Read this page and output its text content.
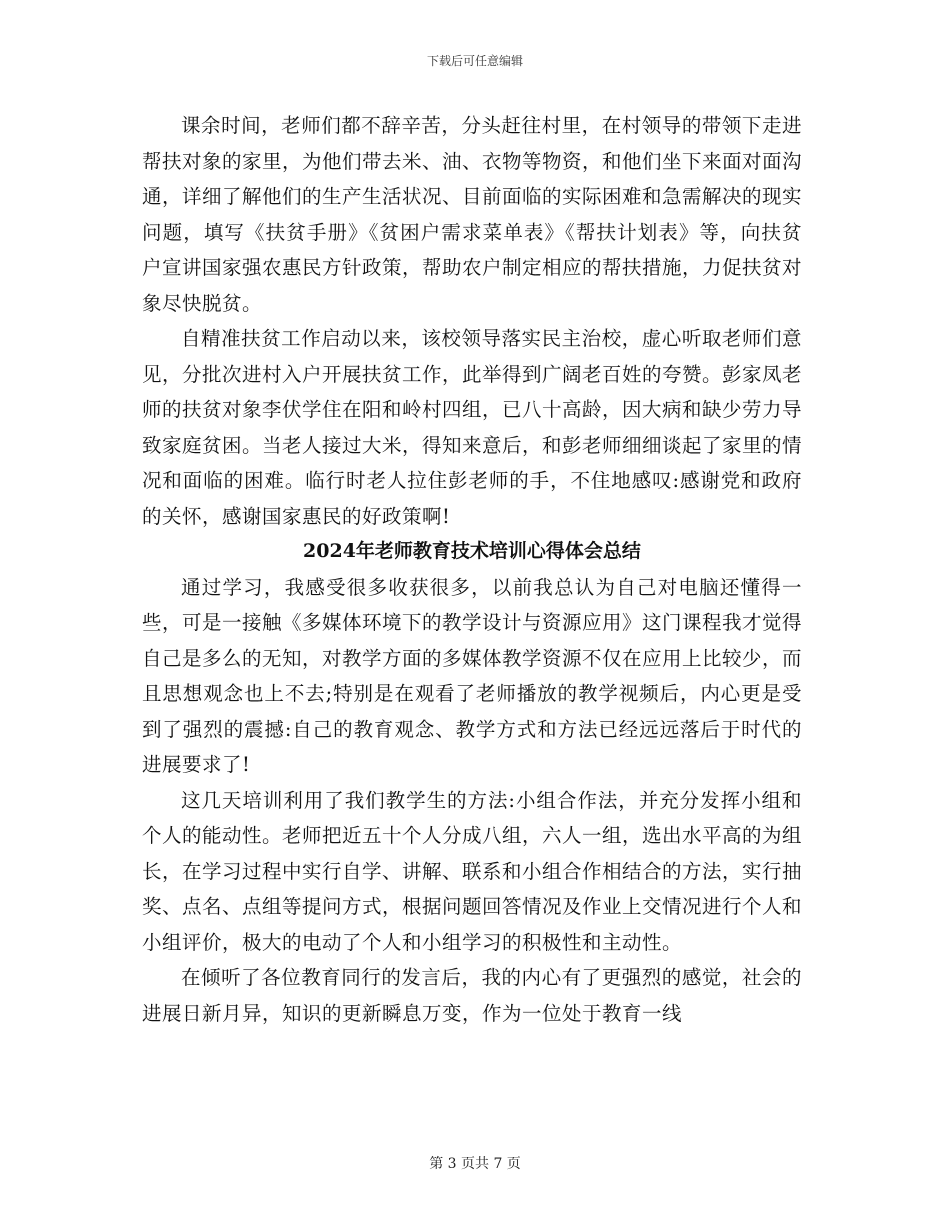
下载后可任意编辑

课余时间，老师们都不辞辛苦，分头赶往村里，在村领导的带领下走进帮扶对象的家里，为他们带去米、油、衣物等物资，和他们坐下来面对面沟通，详细了解他们的生产生活状况、目前面临的实际困难和急需解决的现实问题，填写《扶贫手册》《贫困户需求菜单表》《帮扶计划表》等，向扶贫户宣讲国家强农惠民方针政策，帮助农户制定相应的帮扶措施，力促扶贫对象尽快脱贫。

自精准扶贫工作启动以来，该校领导落实民主治校，虚心听取老师们意见，分批次进村入户开展扶贫工作，此举得到广阔老百姓的夸赞。彭家凤老师的扶贫对象李伏学住在阳和岭村四组，已八十高龄，因大病和缺少劳力导致家庭贫困。当老人接过大米，得知来意后，和彭老师细细谈起了家里的情况和面临的困难。临行时老人拉住彭老师的手，不住地感叹:感谢党和政府的关怀，感谢国家惠民的好政策啊!

2024年老师教育技术培训心得体会总结

通过学习，我感受很多收获很多，以前我总认为自己对电脑还懂得一些，可是一接触《多媒体环境下的教学设计与资源应用》这门课程我才觉得自己是多么的无知，对教学方面的多媒体教学资源不仅在应用上比较少，而且思想观念也上不去;特别是在观看了老师播放的教学视频后，内心更是受到了强烈的震撼:自己的教育观念、教学方式和方法已经远远落后于时代的进展要求了!

这几天培训利用了我们教学生的方法:小组合作法，并充分发挥小组和个人的能动性。老师把近五十个人分成八组，六人一组，选出水平高的为组长，在学习过程中实行自学、讲解、联系和小组合作相结合的方法，实行抽奖、点名、点组等提问方式，根据问题回答情况及作业上交情况进行个人和小组评价，极大的电动了个人和小组学习的积极性和主动性。

在倾听了各位教育同行的发言后，我的内心有了更强烈的感觉，社会的进展日新月异，知识的更新瞬息万变，作为一位处于教育一线

第 3 页共 7 页
